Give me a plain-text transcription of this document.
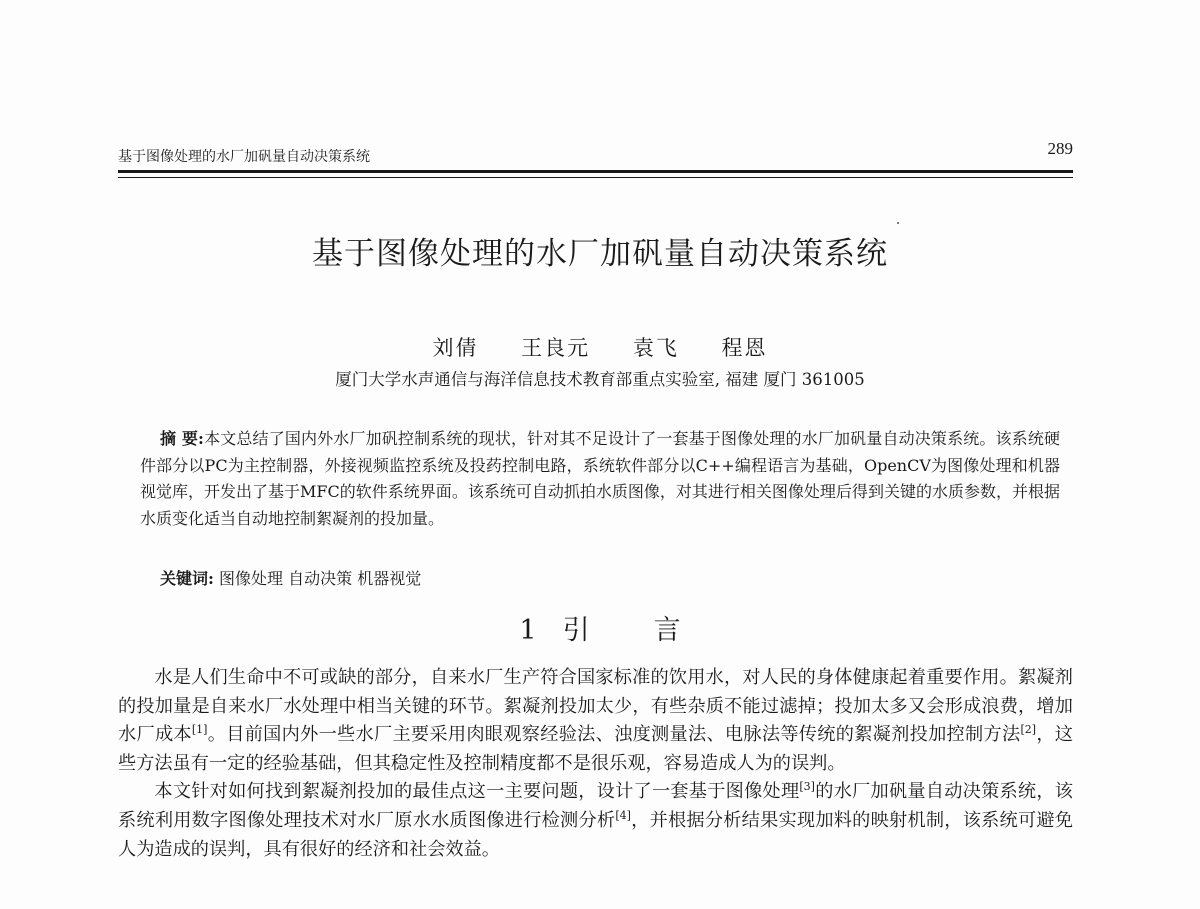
基于图像处理的水厂加矾量自动决策系统	289
基于图像处理的水厂加矾量自动决策系统
刘倩 王良元 袁飞 程恩
厦门大学水声通信与海洋信息技术教育部重点实验室, 福建 厦门 361005
摘 要:本文总结了国内外水厂加矾控制系统的现状，针对其不足设计了一套基于图像处理的水厂加矾量自动决策系统。该系统硬件部分以PC为主控制器，外接视频监控系统及投药控制电路，系统软件部分以C++编程语言为基础，OpenCV为图像处理和机器视觉库，开发出了基于MFC的软件系统界面。该系统可自动抓拍水质图像，对其进行相关图像处理后得到关键的水质参数，并根据水质变化适当自动地控制絮凝剂的投加量。
关键词: 图像处理 自动决策 机器视觉
1 引 言

水是人们生命中不可或缺的部分，自来水厂生产符合国家标准的饮用水，对人民的身体健康起着重要作用。絮凝剂的投加量是自来水厂水处理中相当关键的环节。絮凝剂投加太少，有些杂质不能过滤掉；投加太多又会形成浪费，增加水厂成本[1]。目前国内外一些水厂主要采用肉眼观察经验法、浊度测量法、电脉法等传统的絮凝剂投加控制方法[2]，这些方法虽有一定的经验基础，但其稳定性及控制精度都不是很乐观，容易造成人为的误判。

本文针对如何找到絮凝剂投加的最佳点这一主要问题，设计了一套基于图像处理[3]的水厂加矾量自动决策系统，该系统利用数字图像处理技术对水厂原水水质图像进行检测分析[4]，并根据分析结果实现加料的映射机制，该系统可避免人为造成的误判，具有很好的经济和社会效益。
